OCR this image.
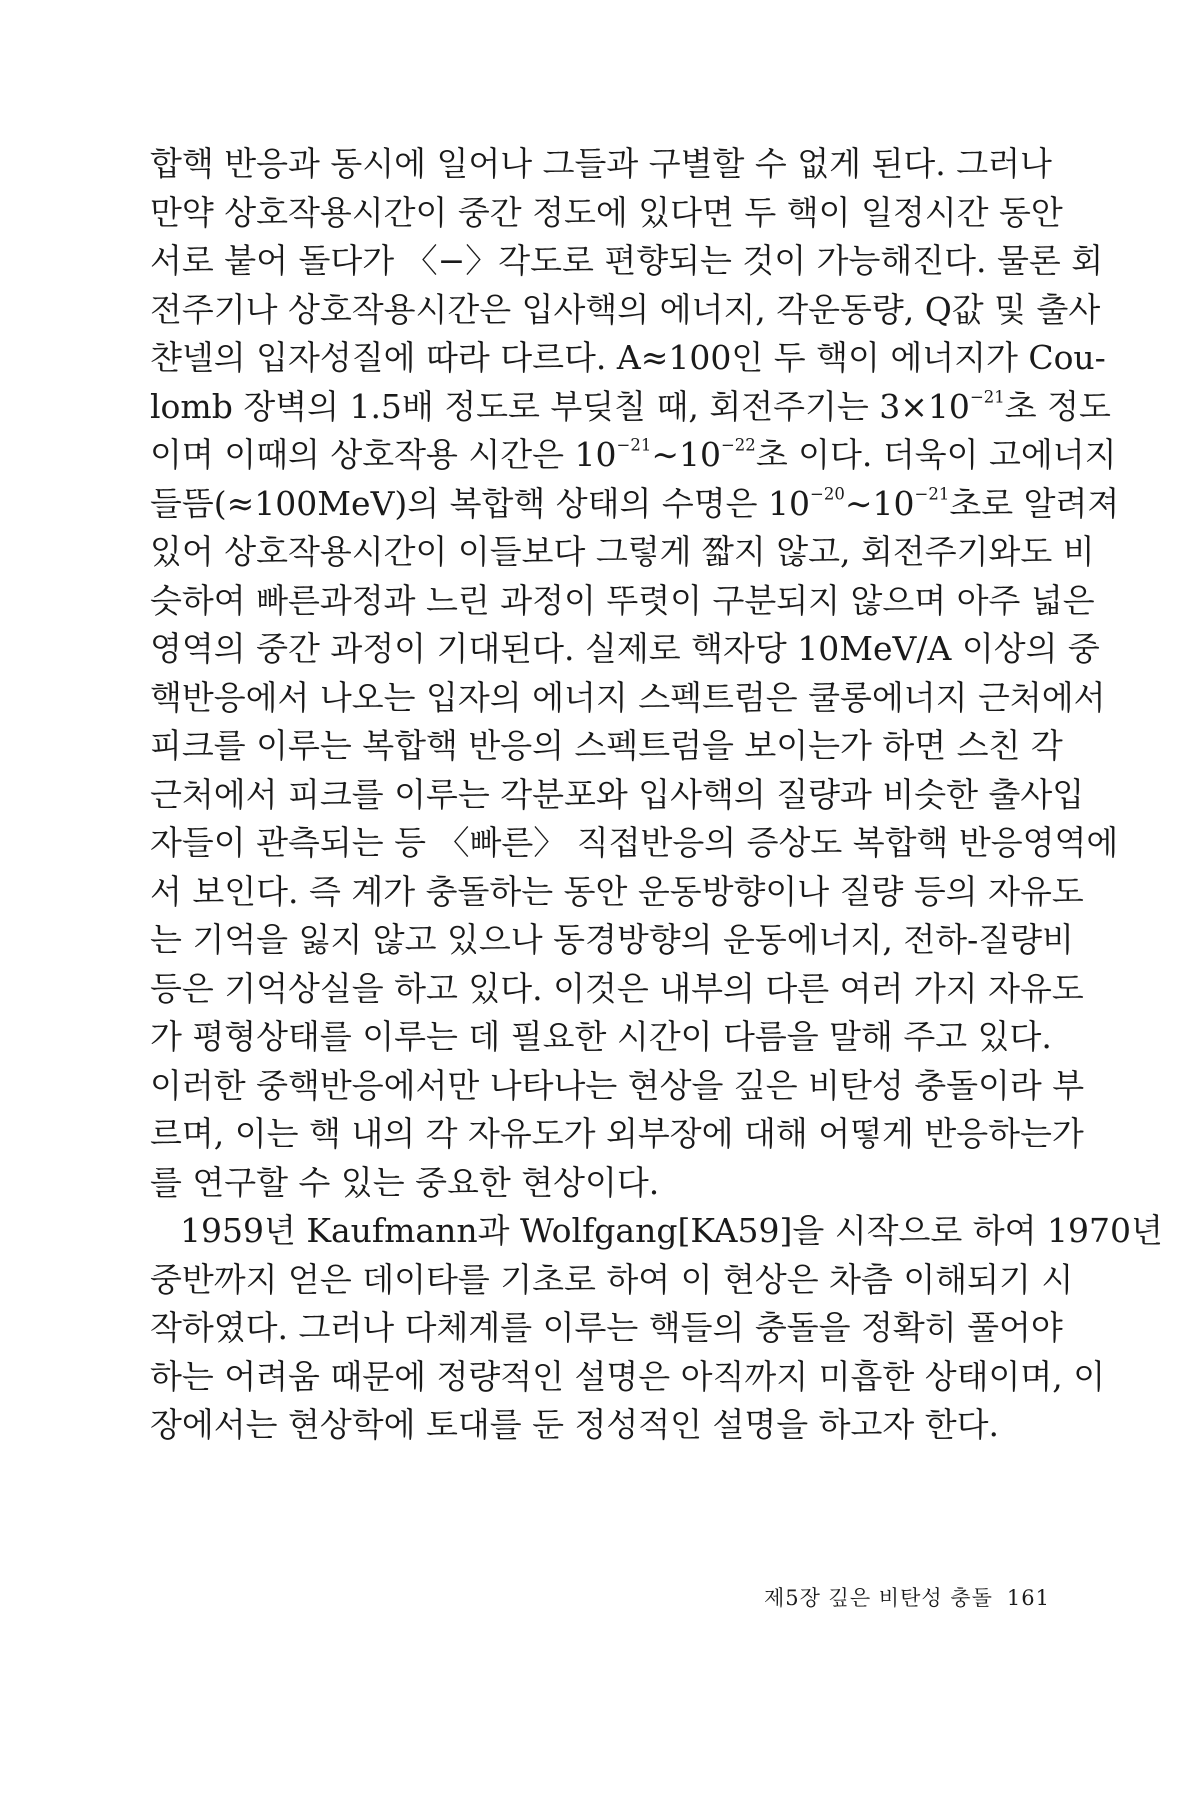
합핵 반응과 동시에 일어나 그들과 구별할 수 없게 된다. 그러나
만약 상호작용시간이 중간 정도에 있다면 두 핵이 일정시간 동안
서로 붙어 돌다가 〈−〉각도로 편향되는 것이 가능해진다. 물론 회
전주기나 상호작용시간은 입사핵의 에너지, 각운동량, Q값 및 출사
챤넬의 입자성질에 따라 다르다. A≈100인 두 핵이 에너지가 Cou-
lomb 장벽의 1.5배 정도로 부딪칠 때, 회전주기는 $3\times 10^{-21}$초 정도
이며 이때의 상호작용 시간은 $10^{-21}\sim 10^{-22}$초 이다. 더욱이 고에너지
들뜸(≈100MeV)의 복합핵 상태의 수명은 $10^{-20}\sim 10^{-21}$초로 알려져
있어 상호작용시간이 이들보다 그렇게 짧지 않고, 회전주기와도 비
슷하여 빠른과정과 느린 과정이 뚜렷이 구분되지 않으며 아주 넓은
영역의 중간 과정이 기대된다. 실제로 핵자당 10MeV/A 이상의 중
핵반응에서 나오는 입자의 에너지 스펙트럼은 쿨롱에너지 근처에서
피크를 이루는 복합핵 반응의 스펙트럼을 보이는가 하면 스친 각
근처에서 피크를 이루는 각분포와 입사핵의 질량과 비슷한 출사입
자들이 관측되는 등 〈빠른〉 직접반응의 증상도 복합핵 반응영역에
서 보인다. 즉 계가 충돌하는 동안 운동방향이나 질량 등의 자유도
는 기억을 잃지 않고 있으나 동경방향의 운동에너지, 전하-질량비
등은 기억상실을 하고 있다. 이것은 내부의 다른 여러 가지 자유도
가 평형상태를 이루는 데 필요한 시간이 다름을 말해 주고 있다.
이러한 중핵반응에서만 나타나는 현상을 깊은 비탄성 충돌이라 부
르며, 이는 핵 내의 각 자유도가 외부장에 대해 어떻게 반응하는가
를 연구할 수 있는 중요한 현상이다.
1959년 Kaufmann과 Wolfgang[KA59]을 시작으로 하여 1970년
중반까지 얻은 데이타를 기초로 하여 이 현상은 차츰 이해되기 시
작하였다. 그러나 다체계를 이루는 핵들의 충돌을 정확히 풀어야
하는 어려움 때문에 정량적인 설명은 아직까지 미흡한 상태이며, 이
장에서는 현상학에 토대를 둔 정성적인 설명을 하고자 한다.
제5장 깊은 비탄성 충돌 161
